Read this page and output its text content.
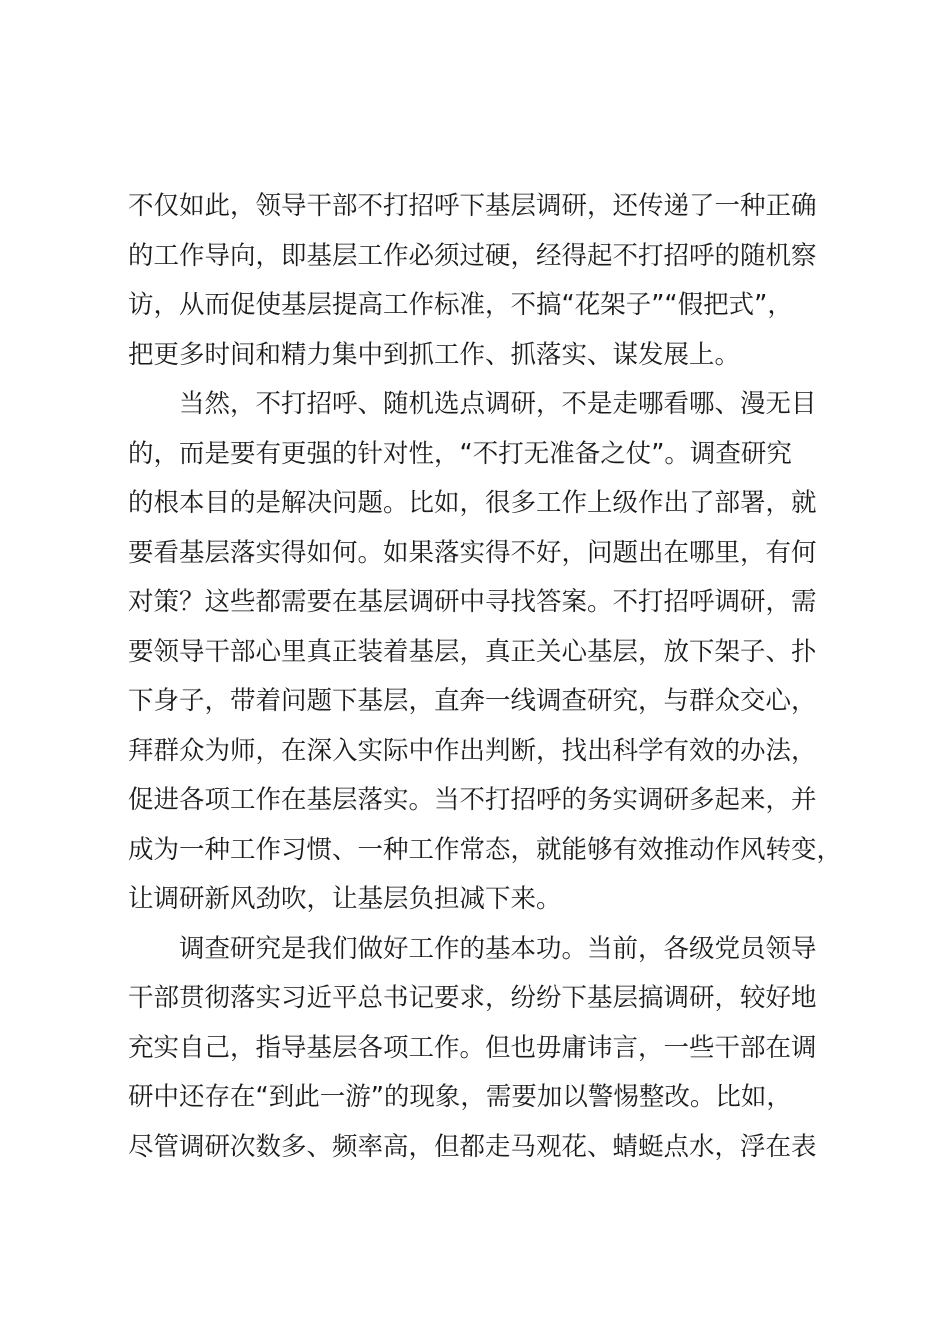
不仅如此，领导干部不打招呼下基层调研，还传递了一种正确
的工作导向，即基层工作必须过硬，经得起不打招呼的随机察
访，从而促使基层提高工作标准，不搞“花架子”“假把式”，
把更多时间和精力集中到抓工作、抓落实、谋发展上。
当然，不打招呼、随机选点调研，不是走哪看哪、漫无目
的，而是要有更强的针对性，“不打无准备之仗”。调查研究
的根本目的是解决问题。比如，很多工作上级作出了部署，就
要看基层落实得如何。如果落实得不好，问题出在哪里，有何
对策？这些都需要在基层调研中寻找答案。不打招呼调研，需
要领导干部心里真正装着基层，真正关心基层，放下架子、扑
下身子，带着问题下基层，直奔一线调查研究，与群众交心，
拜群众为师，在深入实际中作出判断，找出科学有效的办法，
促进各项工作在基层落实。当不打招呼的务实调研多起来，并
成为一种工作习惯、一种工作常态，就能够有效推动作风转变，
让调研新风劲吹，让基层负担减下来。
调查研究是我们做好工作的基本功。当前，各级党员领导
干部贯彻落实习近平总书记要求，纷纷下基层搞调研，较好地
充实自己，指导基层各项工作。但也毋庸讳言，一些干部在调
研中还存在“到此一游”的现象，需要加以警惕整改。比如，
尽管调研次数多、频率高，但都走马观花、蜻蜓点水，浮在表
